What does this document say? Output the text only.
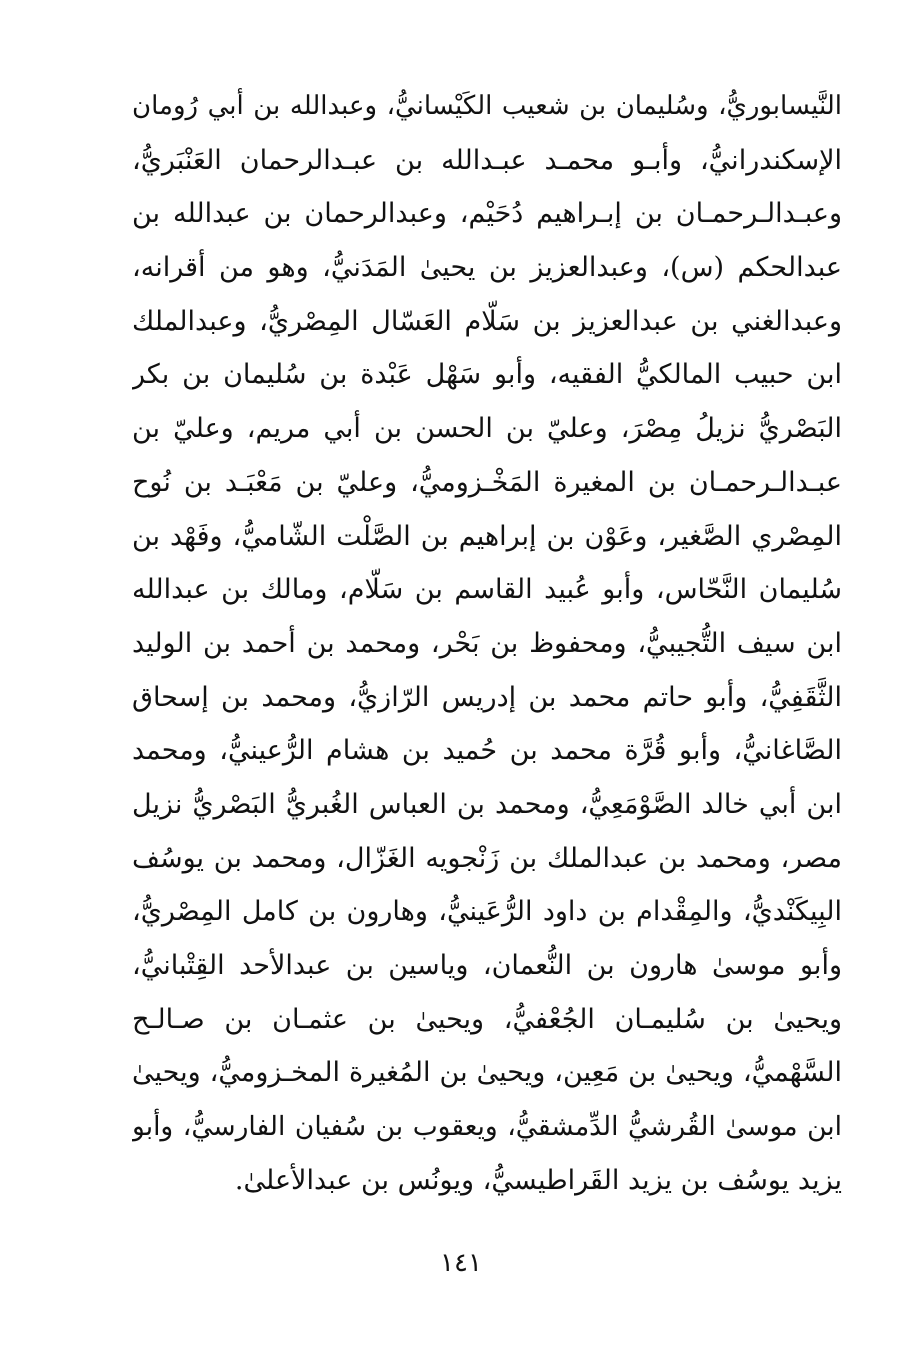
النَّيسابوريُّ، وسُليمان بن شعيب الكَيْسانيُّ، وعبدالله بن أبي رُومان
الإسكندرانيُّ، وأبـو محمـد عبـدالله بن عبـدالرحمان العَنْبَريُّ،
وعبـدالـرحمـان بن إبـراهيم دُحَيْم، وعبدالرحمان بن عبدالله بن
عبدالحكم (س)، وعبدالعزيز بن يحيىٰ المَدَنيُّ، وهو من أقرانه،
وعبدالغني بن عبدالعزيز بن سَلّام العَسّال المِصْريُّ، وعبدالملك
ابن حبيب المالكيُّ الفقيه، وأبو سَهْل عَبْدة بن سُليمان بن بكر
البَصْريُّ نزيلُ مِصْرَ، وعليّ بن الحسن بن أبي مريم، وعليّ بن
عبـدالـرحمـان بن المغيرة المَخْـزوميُّ، وعليّ بن مَعْبَـد بن نُوح
المِصْري الصَّغير، وعَوْن بن إبراهيم بن الصَّلْت الشّاميُّ، وفَهْد بن
سُليمان النَّحّاس، وأبو عُبيد القاسم بن سَلّام، ومالك بن عبدالله
ابن سيف التُّجيبيُّ، ومحفوظ بن بَحْر، ومحمد بن أحمد بن الوليد
الثَّقَفِيُّ، وأبو حاتم محمد بن إدريس الرّازيُّ، ومحمد بن إسحاق
الصَّاغانيُّ، وأبو قُرَّة محمد بن حُميد بن هشام الرُّعينيُّ، ومحمد
ابن أبي خالد الصَّوْمَعِيُّ، ومحمد بن العباس الغُبريُّ البَصْريُّ نزيل
مصر، ومحمد بن عبدالملك بن زَنْجويه الغَزّال، ومحمد بن يوسُف
البِيكَنْديُّ، والمِقْدام بن داود الرُّعَينيُّ، وهارون بن كامل المِصْريُّ،
وأبو موسىٰ هارون بن النُّعمان، وياسين بن عبدالأحد القِتْبانيُّ،
ويحيىٰ بن سُليمـان الجُعْفيُّ، ويحيىٰ بن عثمـان بن صـالـح
السَّهْميُّ، ويحيىٰ بن مَعِين، ويحيىٰ بن المُغيرة المخـزوميُّ، ويحيىٰ
ابن موسىٰ القُرشيُّ الدِّمشقيُّ، ويعقوب بن سُفيان الفارسيُّ، وأبو
يزيد يوسُف بن يزيد القَراطيسيُّ، ويونُس بن عبدالأعلىٰ.
١٤١
